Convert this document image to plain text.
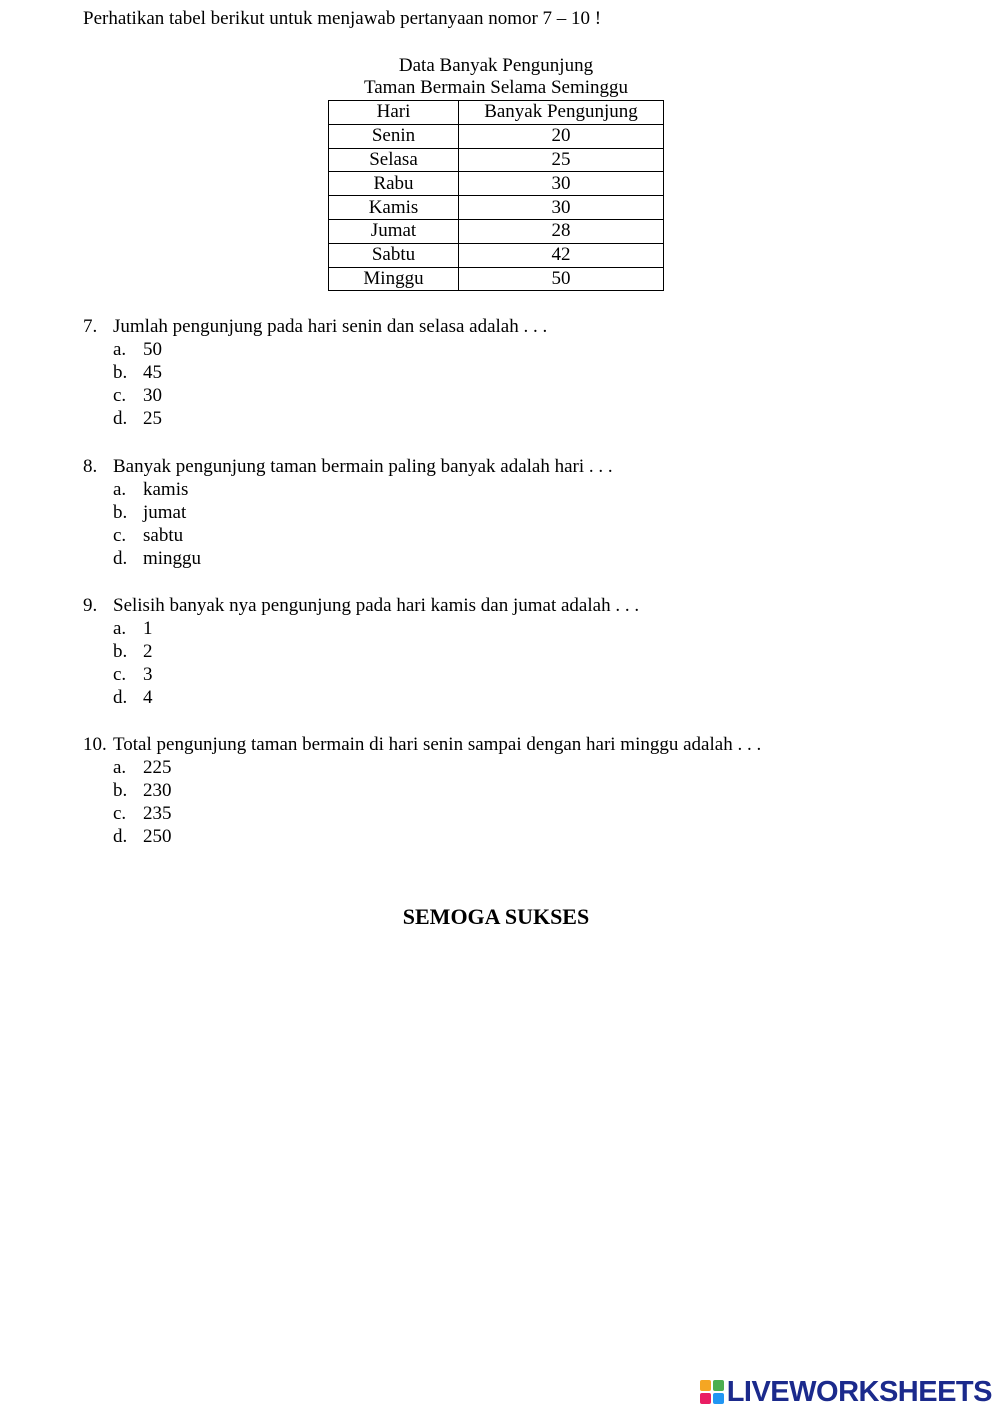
Perhatikan tabel berikut untuk menjawab pertanyaan nomor 7 – 10 !
Data Banyak Pengunjung
Taman Bermain Selama Seminggu
Hari	Banyak Pengunjung
Senin	20
Selasa	25
Rabu	30
Kamis	30
Jumat	28
Sabtu	42
Minggu	50
7. Jumlah pengunjung pada hari senin dan selasa adalah . . .
a. 50
b. 45
c. 30
d. 25
8. Banyak pengunjung taman bermain paling banyak adalah hari . . .
a. kamis
b. jumat
c. sabtu
d. minggu
9. Selisih banyak nya pengunjung pada hari kamis dan jumat adalah . . .
a. 1
b. 2
c. 3
d. 4
10. Total pengunjung taman bermain di hari senin sampai dengan hari minggu adalah . . .
a. 225
b. 230
c. 235
d. 250
SEMOGA SUKSES
LIVEWORKSHEETS
